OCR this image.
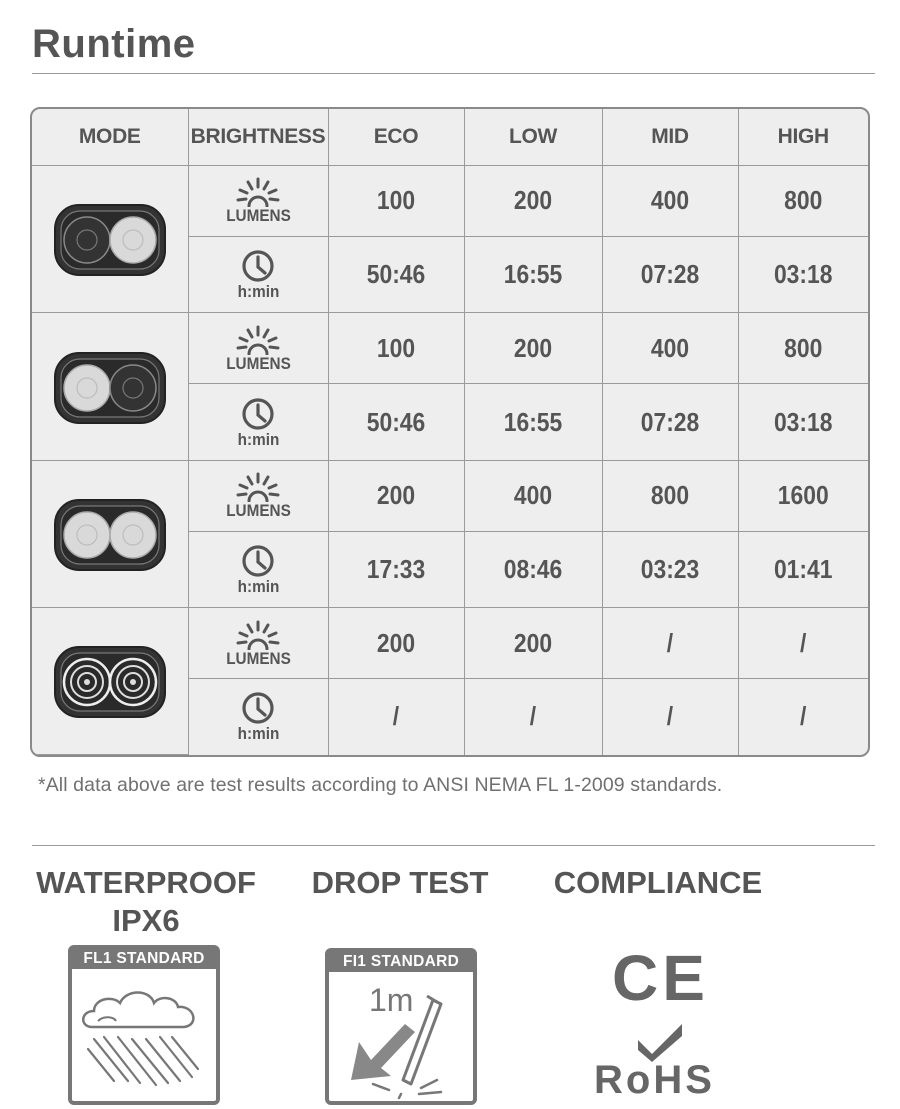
Runtime
MODE	BRIGHTNESS	ECO	LOW	MID	HIGH

LUMENS	100	200	400	800

	h:min	50:46	16:55	07:28	03:18

LUMENS	100	200	400	800

	h:min	50:46	16:55	07:28	03:18

LUMENS	200	400	800	1600

	h:min	17:33	08:46	03:23	01:41

LUMENS	200	200	/	/

	h:min	/	/	/	/
*All data above are test results according to ANSI NEMA FL 1-2009 standards.
WATERPROOF
IPX6
FL1 STANDARD
DROP TEST
FI1 STANDARD
1m
COMPLIANCE
CE
RoHS
